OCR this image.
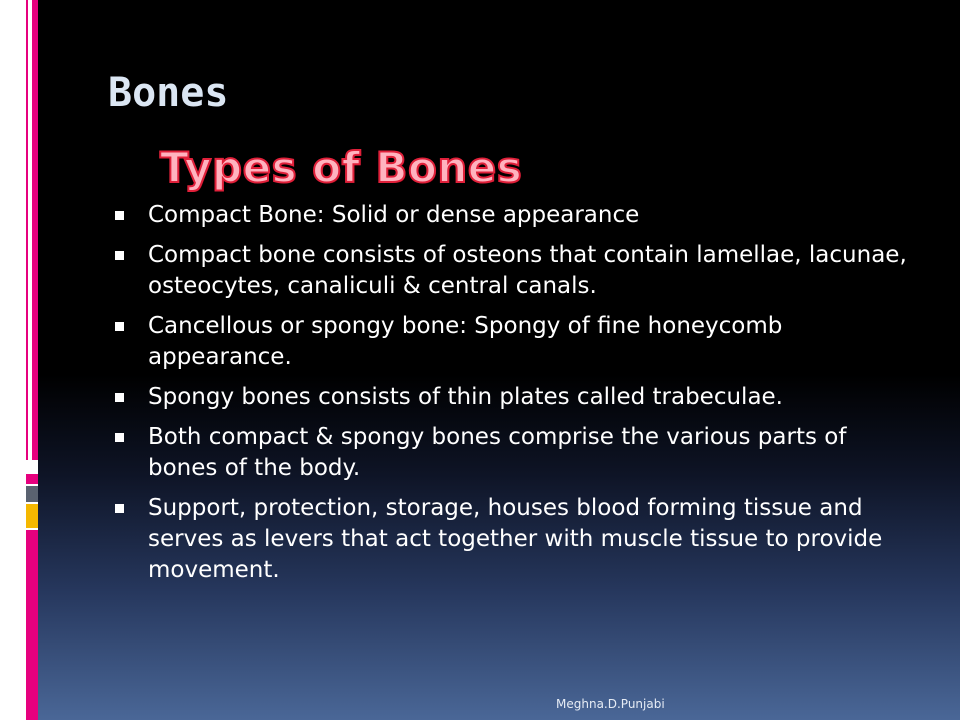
Bones
Types of Bones
Compact Bone: Solid or dense appearance
Compact bone consists of osteons that contain lamellae, lacunae, osteocytes, canaliculi & central canals.
Cancellous or spongy bone: Spongy of fine honeycomb appearance.
Spongy bones consists of thin plates called trabeculae.
Both compact & spongy bones comprise the various parts of bones of the body.
Support, protection, storage, houses blood forming tissue and serves as levers that act together with muscle tissue to provide movement.
Meghna.D.Punjabi
